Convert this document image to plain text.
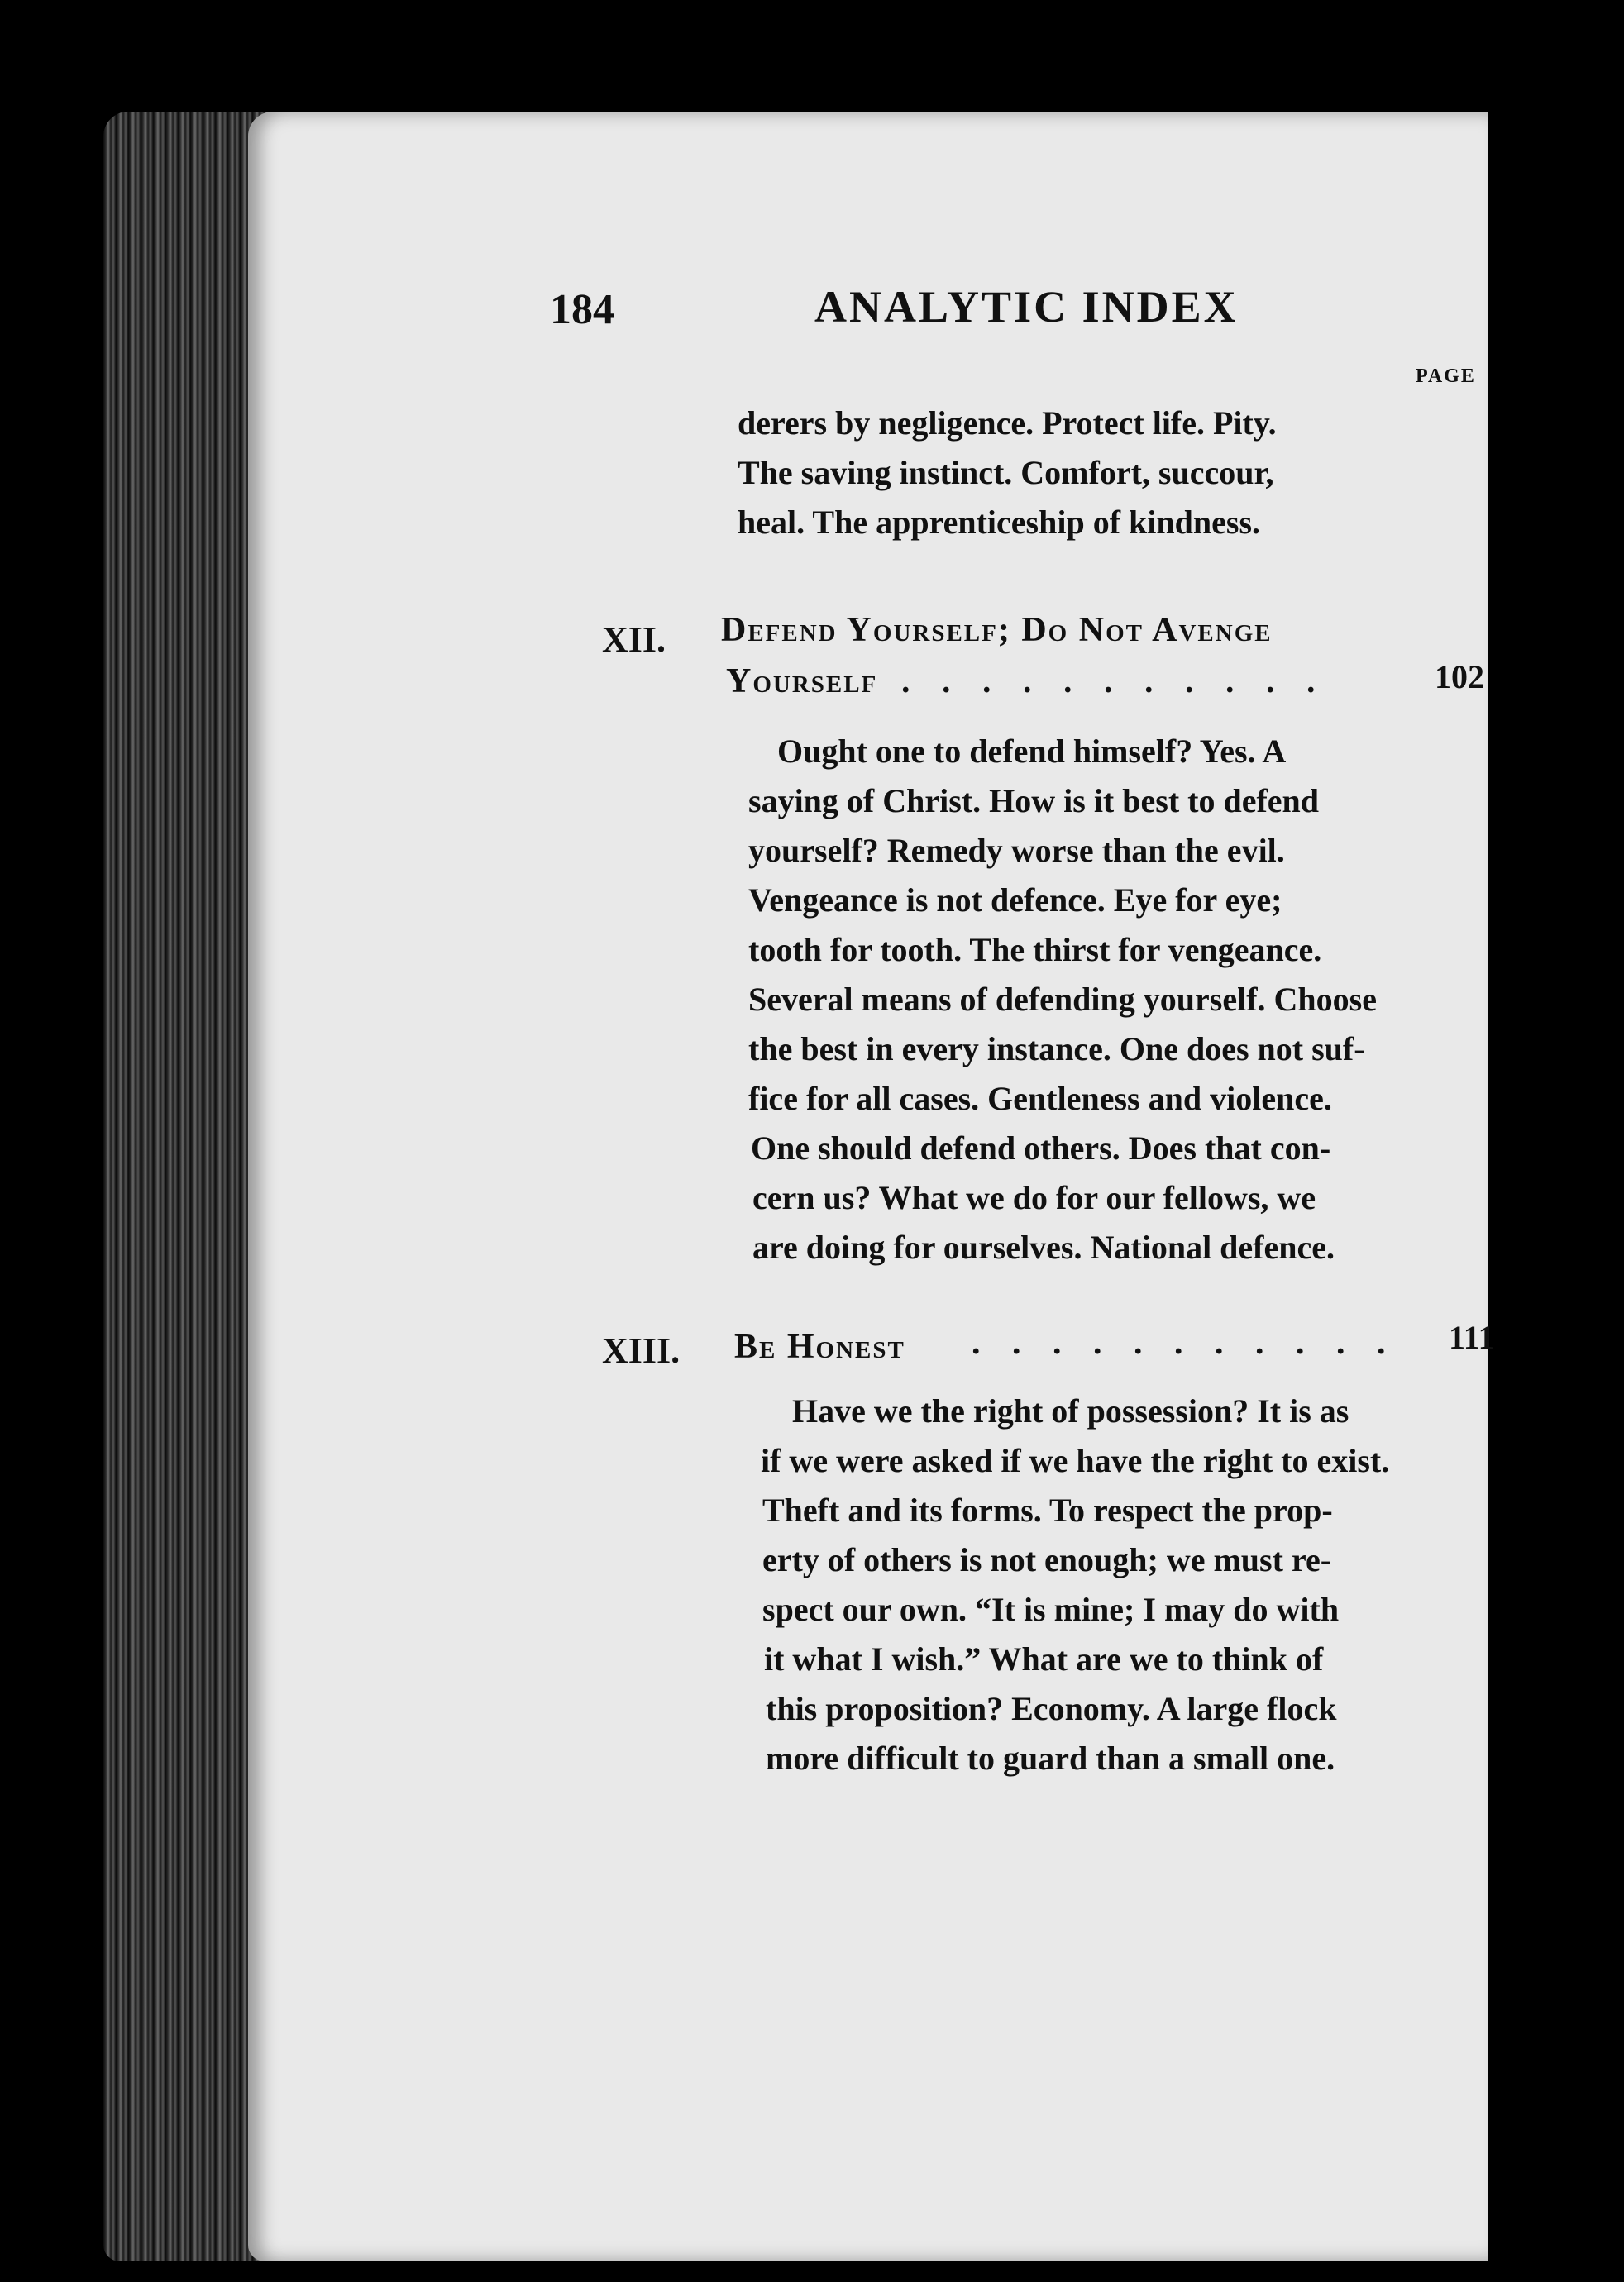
184	ANALYTIC INDEX
PAGE
derers by negligence. Protect life. Pity.
The saving instinct. Comfort, succour,
heal. The apprenticeship of kindness.
XII. Defend Yourself; Do Not Avenge
Yourself . . . . . . . . . . .	102
Ought one to defend himself? Yes. A
saying of Christ. How is it best to defend
yourself? Remedy worse than the evil.
Vengeance is not defence. Eye for eye;
tooth for tooth. The thirst for vengeance.
Several means of defending yourself. Choose
the best in every instance. One does not suf-
fice for all cases. Gentleness and violence.
One should defend others. Does that con-
cern us? What we do for our fellows, we
are doing for ourselves. National defence.
XIII. Be Honest . . . . . . . . . . . 111
Have we the right of possession? It is as
if we were asked if we have the right to exist.
Theft and its forms. To respect the prop-
erty of others is not enough; we must re-
spect our own. “It is mine; I may do with
it what I wish.” What are we to think of
this proposition? Economy. A large flock
more difficult to guard than a small one.
